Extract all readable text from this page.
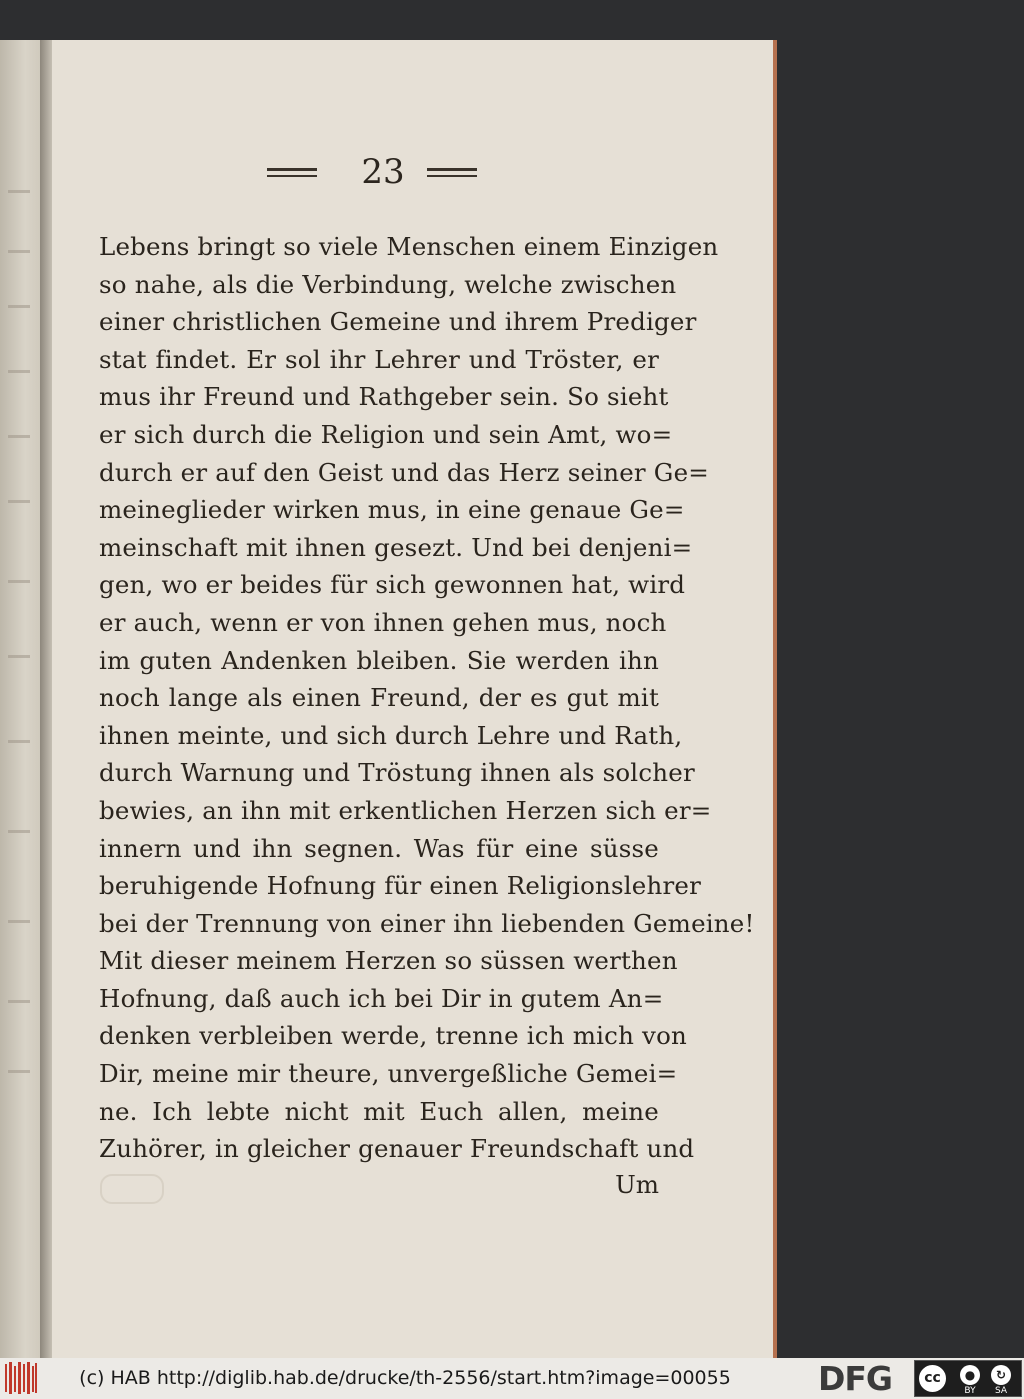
23
Lebens bringt so viele Menschen einem Einzigen
so nahe, als die Verbindung, welche zwischen
einer christlichen Gemeine und ihrem Prediger
stat findet. Er sol ihr Lehrer und Tröster, er
mus ihr Freund und Rathgeber sein. So sieht
er sich durch die Religion und sein Amt, wo=
durch er auf den Geist und das Herz seiner Ge=
meineglieder wirken mus, in eine genaue Ge=
meinschaft mit ihnen gesezt. Und bei denjeni=
gen, wo er beides für sich gewonnen hat, wird
er auch, wenn er von ihnen gehen mus, noch
im guten Andenken bleiben. Sie werden ihn
noch lange als einen Freund, der es gut mit
ihnen meinte, und sich durch Lehre und Rath,
durch Warnung und Tröstung ihnen als solcher
bewies, an ihn mit erkentlichen Herzen sich er=
innern und ihn segnen. Was für eine süsse
beruhigende Hofnung für einen Religionslehrer
bei der Trennung von einer ihn liebenden Gemeine!
Mit dieser meinem Herzen so süssen werthen
Hofnung, daß auch ich bei Dir in gutem An=
denken verbleiben werde, trenne ich mich von
Dir, meine mir theure, unvergeßliche Gemei=
ne. Ich lebte nicht mit Euch allen, meine
Zuhörer, in gleicher genauer Freundschaft und
Um
(c) HAB http://diglib.hab.de/drucke/th-2556/start.htm?image=00055	DFG	cc	●	↻
BY	SA
